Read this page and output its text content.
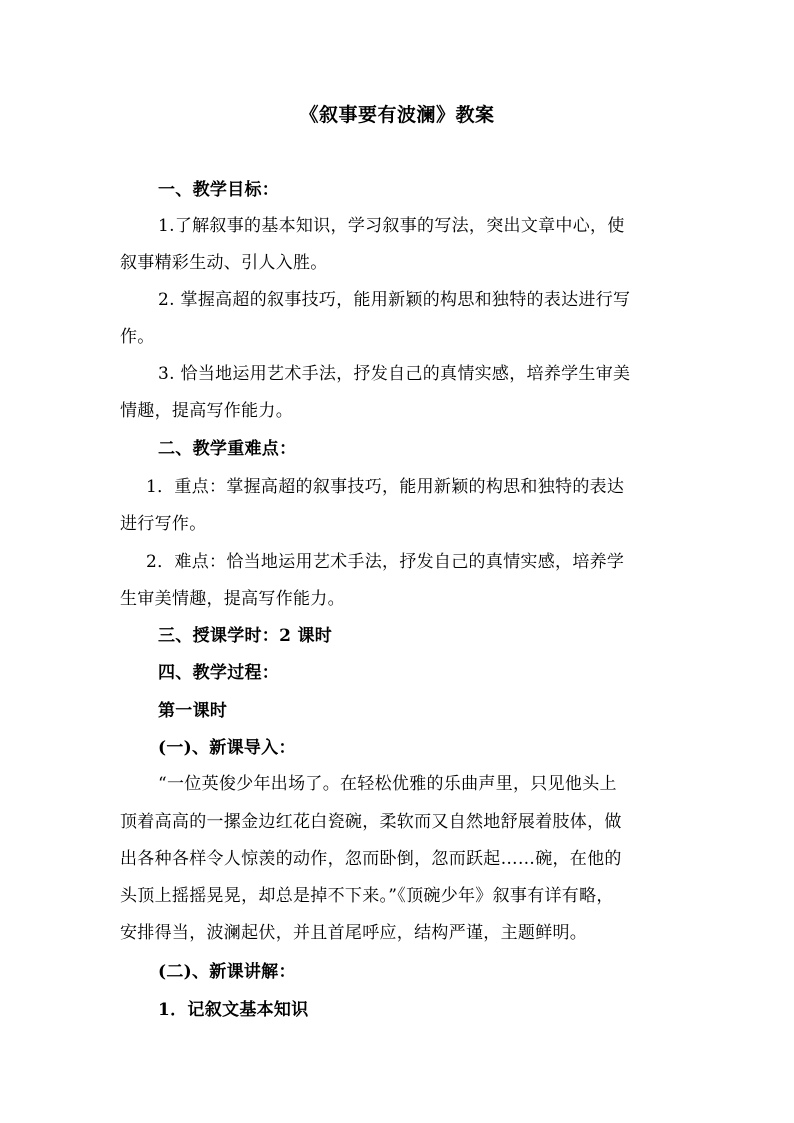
《叙事要有波澜》教案
一、教学目标：
1.了解叙事的基本知识，学习叙事的写法，突出文章中心，使
叙事精彩生动、引人入胜。
2. 掌握高超的叙事技巧，能用新颖的构思和独特的表达进行写
作。
3. 恰当地运用艺术手法，抒发自己的真情实感，培养学生审美
情趣，提高写作能力。
二、教学重难点：
1．重点：掌握高超的叙事技巧，能用新颖的构思和独特的表达
进行写作。
2．难点：恰当地运用艺术手法，抒发自己的真情实感，培养学
生审美情趣，提高写作能力。
三、授课学时：2 课时
四、教学过程：
第一课时
(一)、新课导入：
“一位英俊少年出场了。在轻松优雅的乐曲声里，只见他头上
顶着高高的一摞金边红花白瓷碗，柔软而又自然地舒展着肢体，做
出各种各样令人惊羡的动作，忽而卧倒，忽而跃起……碗，在他的
头顶上摇摇晃晃，却总是掉不下来。”《顶碗少年》叙事有详有略，
安排得当，波澜起伏，并且首尾呼应，结构严谨，主题鲜明。
(二)、新课讲解：
1．记叙文基本知识
